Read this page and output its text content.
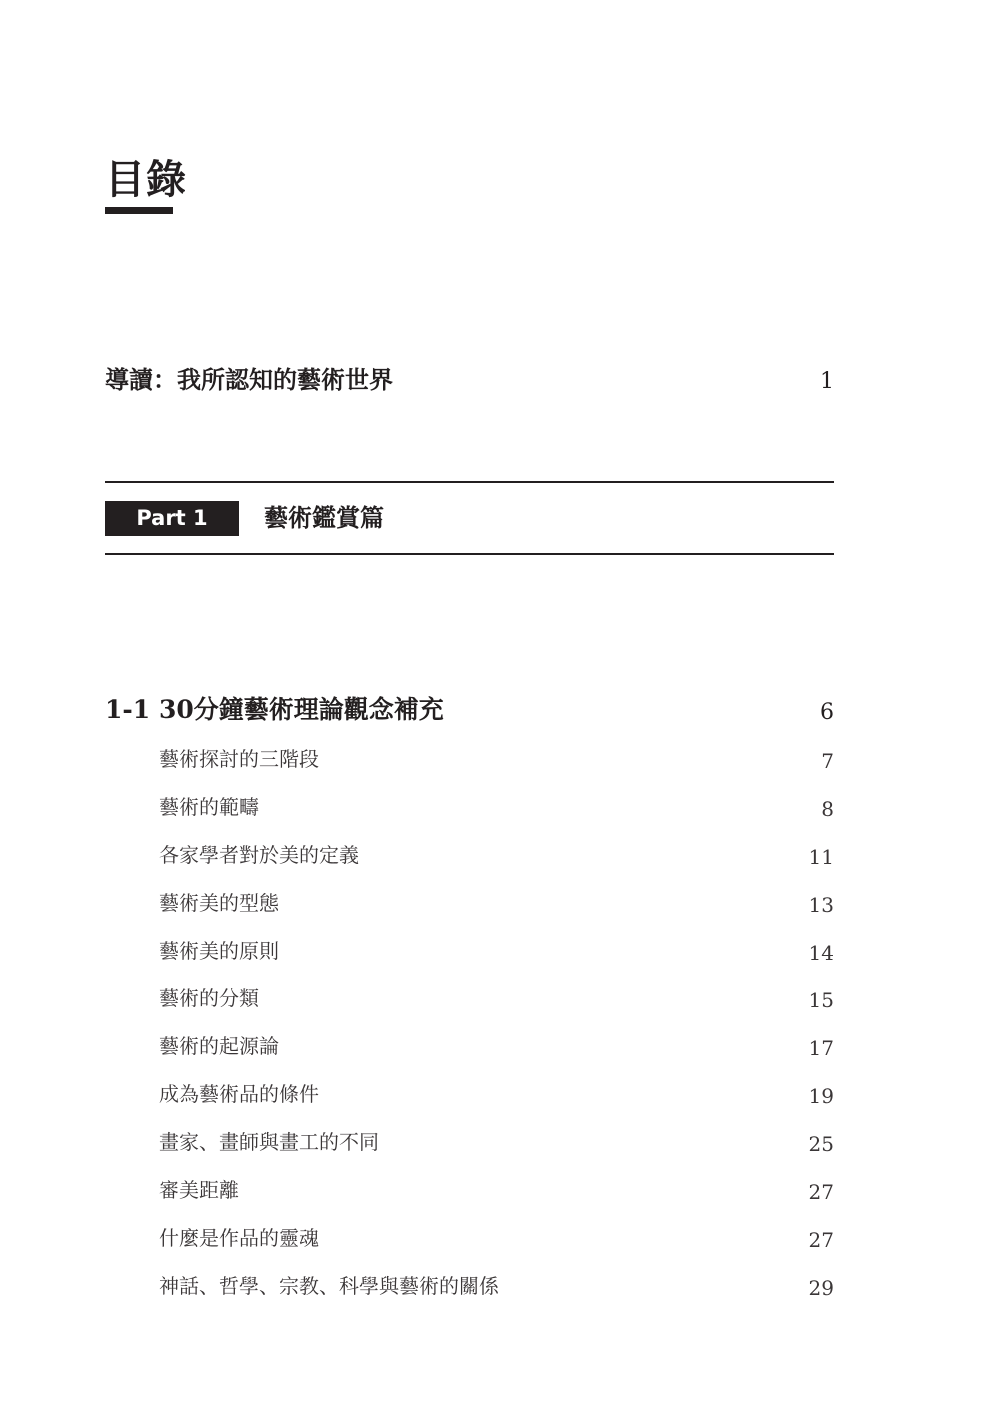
目錄
導讀：我所認知的藝術世界	1
Part 1	藝術鑑賞篇
1-1 30分鐘藝術理論觀念補充	6
藝術探討的三階段	7
藝術的範疇	8
各家學者對於美的定義	11
藝術美的型態	13
藝術美的原則	14
藝術的分類	15
藝術的起源論	17
成為藝術品的條件	19
畫家、畫師與畫工的不同	25
審美距離	27
什麼是作品的靈魂	27
神話、哲學、宗教、科學與藝術的關係	29
